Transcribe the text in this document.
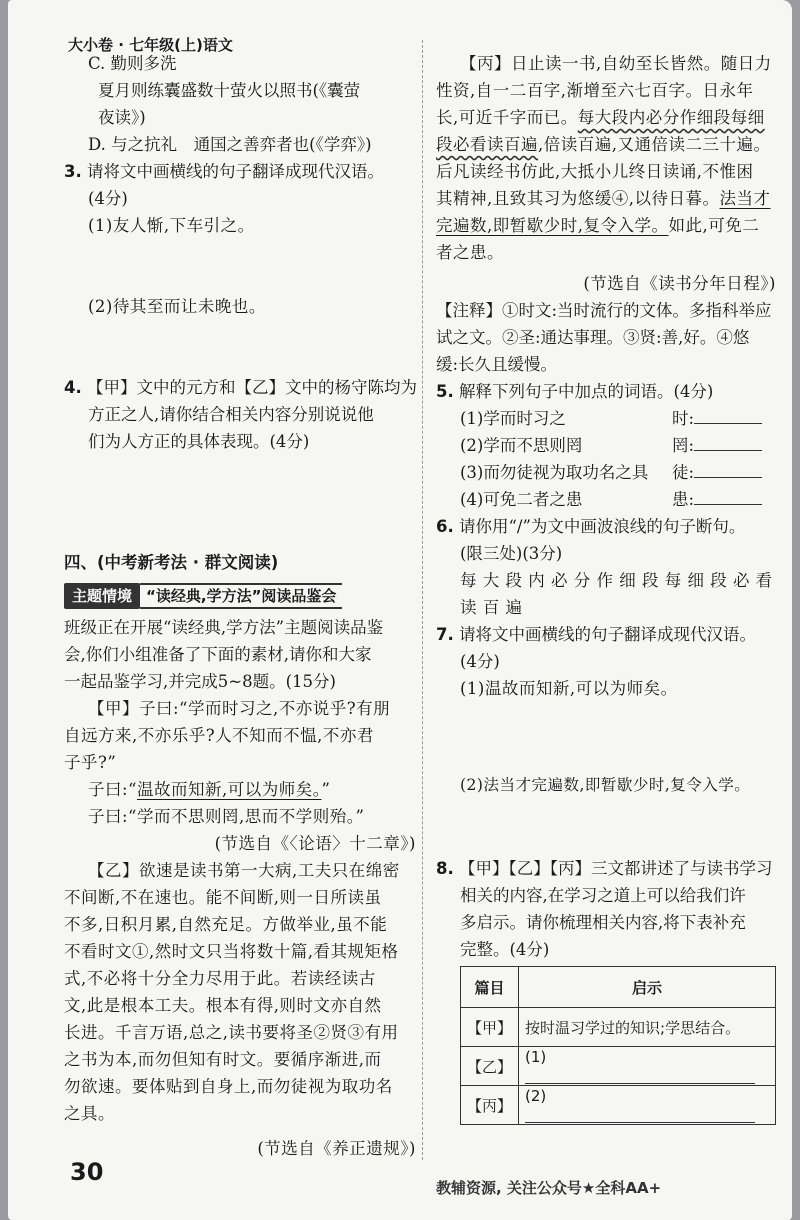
大小卷 · 七年级(上)语文
C. 勤则多洗
夏月则练囊盛数十萤火以照书(《囊萤
夜读》)
D. 与之抗礼　通国之善弈者也(《学弈》)
3. 请将文中画横线的句子翻译成现代汉语。
(4分)
(1)友人惭,下车引之。
(2)待其至而让未晚也。
4. 【甲】文中的元方和【乙】文中的杨守陈均为
方正之人,请你结合相关内容分别说说他
们为人方正的具体表现。(4分)
四、(中考新考法 · 群文阅读)
主题情境 “读经典,学方法”阅读品鉴会
班级正在开展“读经典,学方法”主题阅读品鉴
会,你们小组准备了下面的素材,请你和大家
一起品鉴学习,并完成5~8题。(15分)
【甲】子曰:“学而时习之,不亦说乎?有朋
自远方来,不亦乐乎?人不知而不愠,不亦君
子乎?”
子曰:“温故而知新,可以为师矣。”
子曰:“学而不思则罔,思而不学则殆。”
(节选自《〈论语〉十二章》)
【乙】欲速是读书第一大病,工夫只在绵密
不间断,不在速也。能不间断,则一日所读虽
不多,日积月累,自然充足。方做举业,虽不能
不看时文①,然时文只当将数十篇,看其规矩格
式,不必将十分全力尽用于此。若读经读古
文,此是根本工夫。根本有得,则时文亦自然
长进。千言万语,总之,读书要将圣②贤③有用
之书为本,而勿但知有时文。要循序渐进,而
勿欲速。要体贴到自身上,而勿徒视为取功名
之具。
(节选自《养正遗规》)
【丙】日止读一书,自幼至长皆然。随日力
性资,自一二百字,渐增至六七百字。日永年
长,可近千字而已。每大段内必分作细段每细
段必看读百遍,倍读百遍,又通倍读二三十遍。
后凡读经书仿此,大抵小儿终日读诵,不惟困
其精神,且致其习为悠缓④,以待日暮。法当才
完遍数,即暂歇少时,复令入学。如此,可免二
者之患。
(节选自《读书分年日程》)
【注释】①时文:当时流行的文体。多指科举应
试之文。②圣:通达事理。③贤:善,好。④悠
缓:长久且缓慢。
5. 解释下列句子中加点的词语。(4分)
(1)学而时习之	时:
(2)学而不思则罔	罔:
(3)而勿徒视为取功名之具	徒:
(4)可免二者之患	患:
6. 请你用“/”为文中画波浪线的句子断句。
(限三处)(3分)
每 大 段 内 必 分 作 细 段 每 细 段 必 看
读 百 遍
7. 请将文中画横线的句子翻译成现代汉语。
(4分)
(1)温故而知新,可以为师矣。
(2)法当才完遍数,即暂歇少时,复令入学。
8. 【甲】【乙】【丙】三文都讲述了与读书学习
相关的内容,在学习之道上可以给我们许
多启示。请你梳理相关内容,将下表补充
完整。(4分)
篇目	启示
【甲】	按时温习学过的知识;学思结合。
【乙】	(1)
【丙】	(2)
30
教辅资源, 关注公众号★全科AA+
